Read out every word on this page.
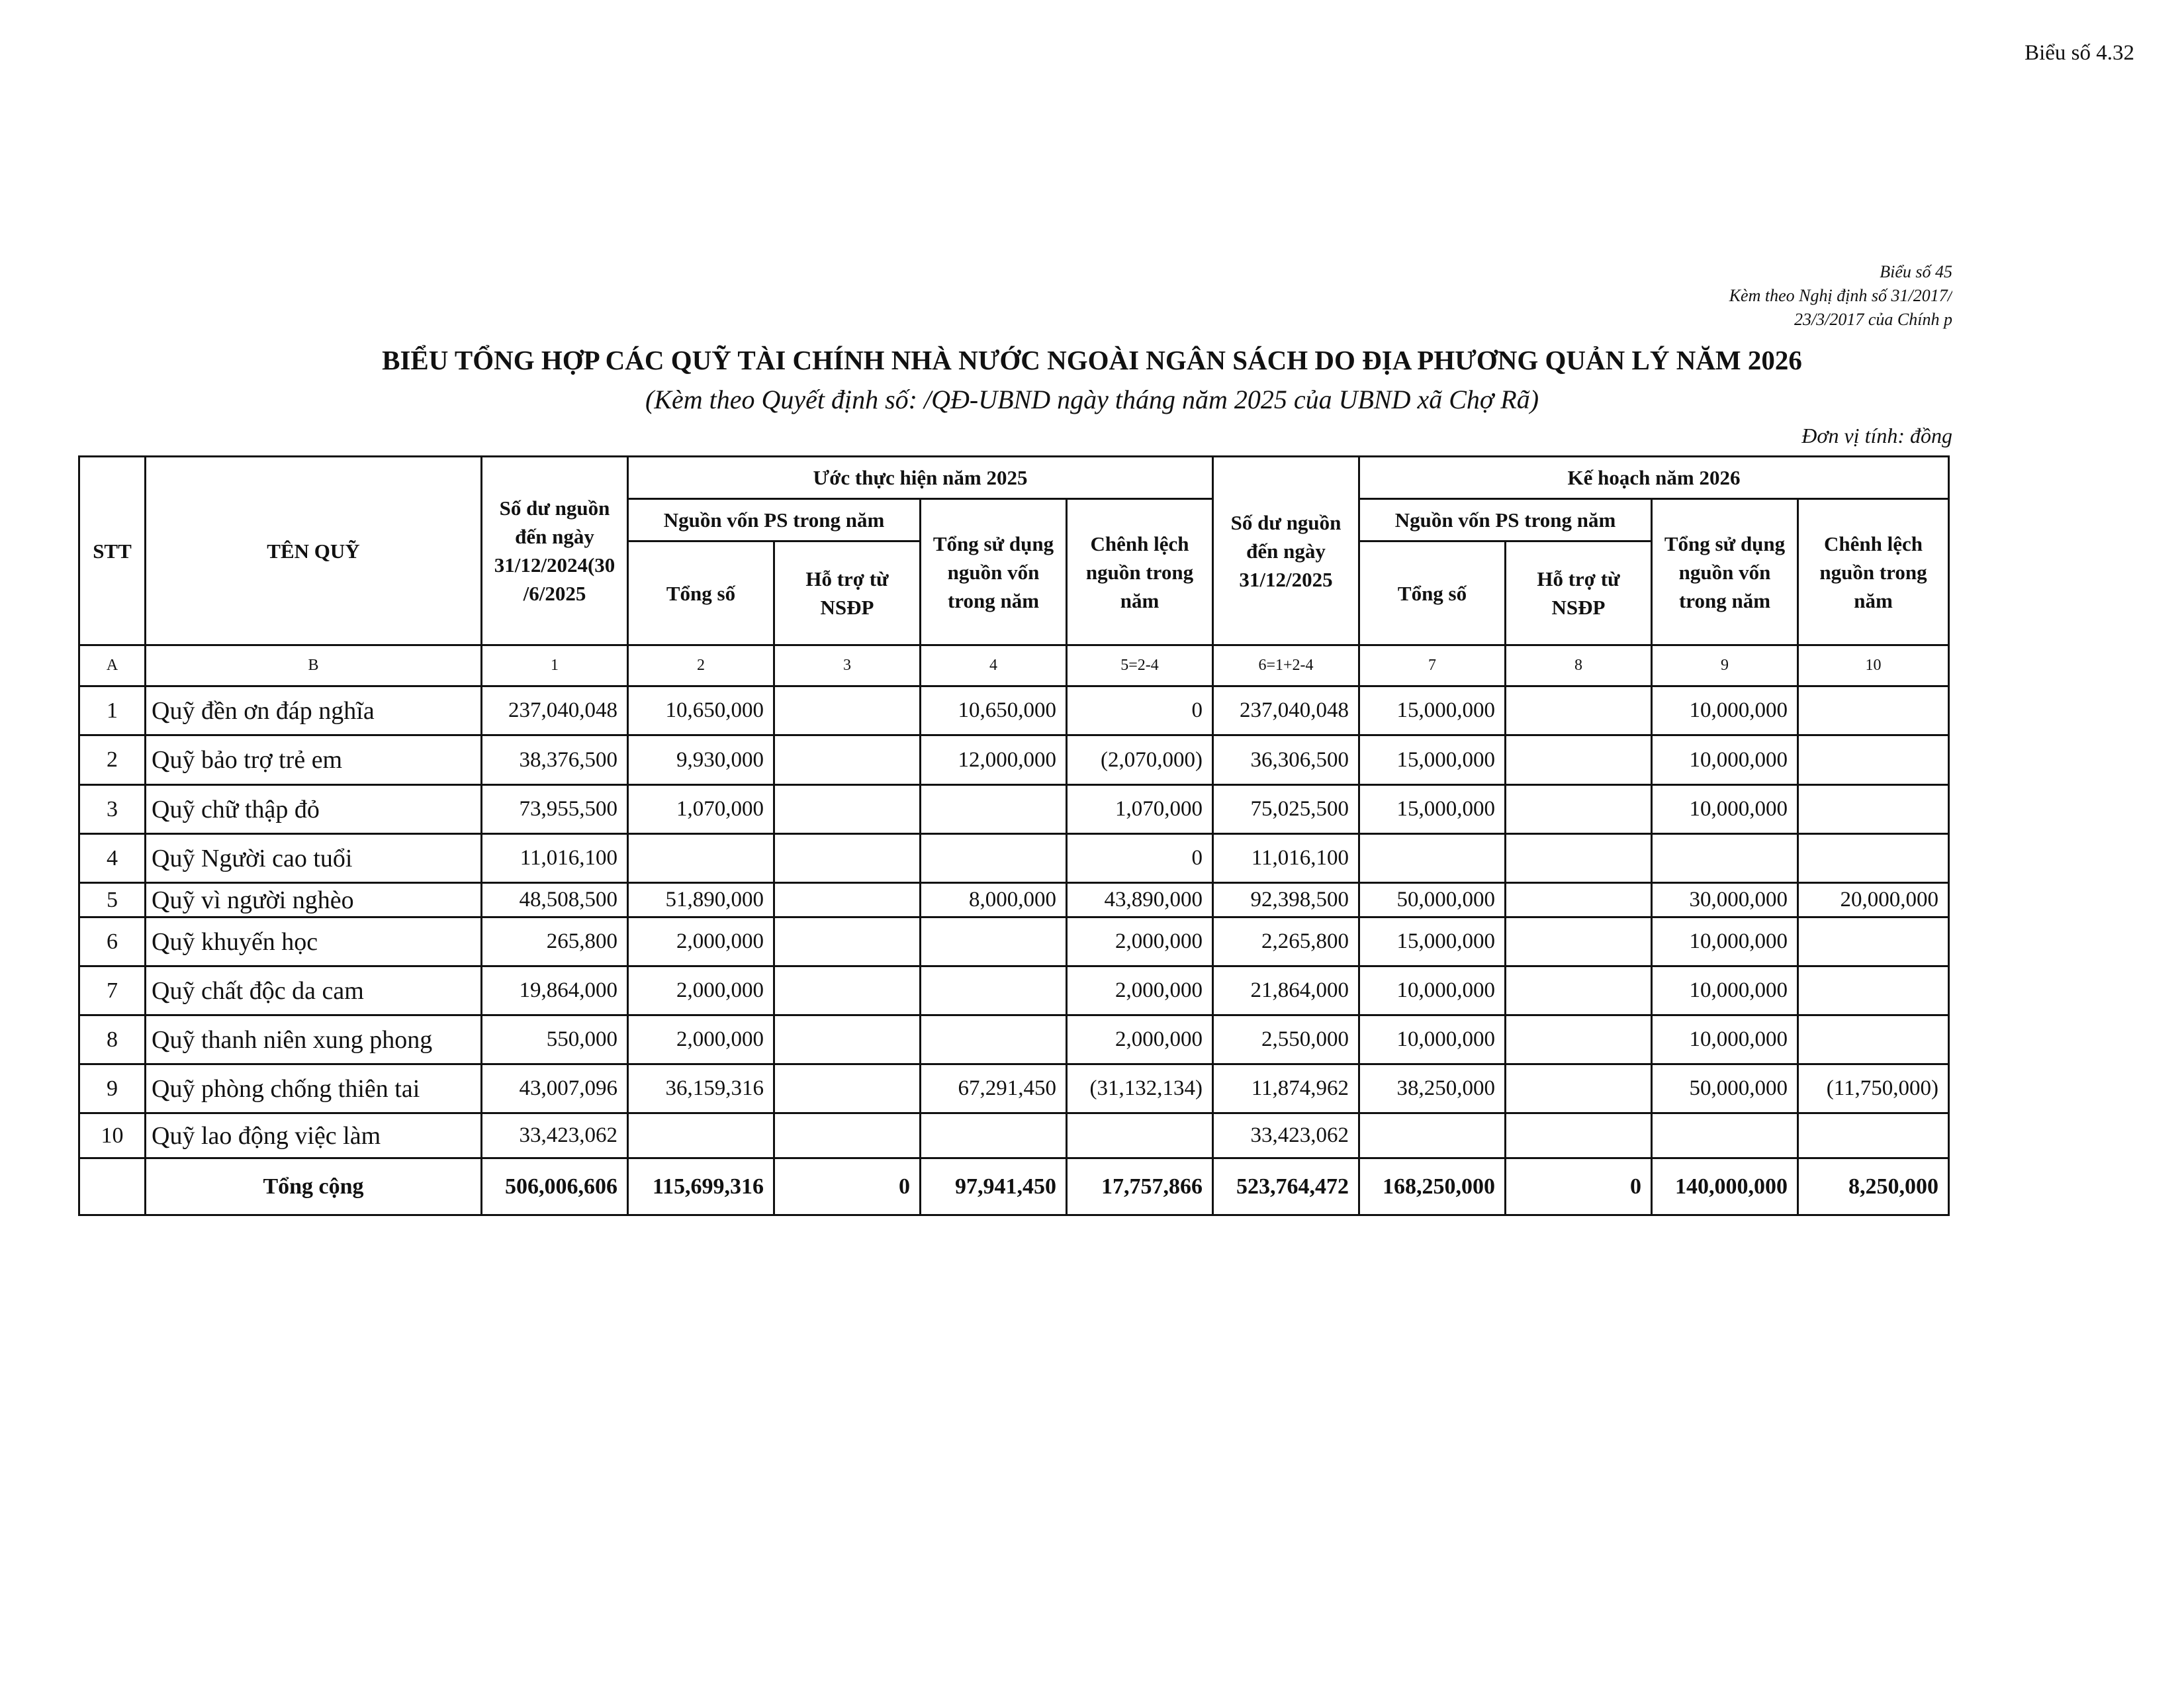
Biểu số 4.32
Biểu số 45
Kèm theo Nghị định số 31/2017/
23/3/2017 của Chính p
BIỂU TỔNG HỢP CÁC QUỸ TÀI CHÍNH NHÀ NƯỚC NGOÀI NGÂN SÁCH DO ĐỊA PHƯƠNG QUẢN LÝ NĂM 2026
(Kèm theo Quyết định số: /QĐ-UBND ngày tháng năm 2025 của UBND xã Chợ Rã)
Đơn vị tính: đồng
STT	TÊN QUỸ	Số dư nguồn đến ngày 31/12/2024(30 /6/2025	Ước thực hiện năm 2025				Số dư nguồn đến ngày 31/12/2025	Kế hoạch năm 2026			
			Nguồn vốn PS trong năm		Tổng sử dụng nguồn vốn trong năm	Chênh lệch nguồn trong năm		Nguồn vốn PS trong năm		Tổng sử dụng nguồn vốn trong năm	Chênh lệch nguồn trong năm
			Tổng số	Hỗ trợ từ NSĐP				Tổng số	Hỗ trợ từ NSĐP		
A	B	1	2	3	4	5=2-4	6=1+2-4	7	8	9	10
1	Quỹ đền ơn đáp nghĩa	237,040,048	10,650,000		10,650,000	0	237,040,048	15,000,000		10,000,000	
2	Quỹ bảo trợ trẻ em	38,376,500	9,930,000		12,000,000	(2,070,000)	36,306,500	15,000,000		10,000,000	
3	Quỹ chữ thập đỏ	73,955,500	1,070,000			1,070,000	75,025,500	15,000,000		10,000,000	
4	Quỹ Người cao tuổi	11,016,100				0	11,016,100				
5	Quỹ vì người nghèo	48,508,500	51,890,000		8,000,000	43,890,000	92,398,500	50,000,000		30,000,000	20,000,000
6	Quỹ khuyến học	265,800	2,000,000			2,000,000	2,265,800	15,000,000		10,000,000	
7	Quỹ chất độc da cam	19,864,000	2,000,000			2,000,000	21,864,000	10,000,000		10,000,000	
8	Quỹ thanh niên xung phong	550,000	2,000,000			2,000,000	2,550,000	10,000,000		10,000,000	
9	Quỹ phòng chống thiên tai	43,007,096	36,159,316		67,291,450	(31,132,134)	11,874,962	38,250,000		50,000,000	(11,750,000)
10	Quỹ lao động việc làm	33,423,062					33,423,062				
	Tổng cộng	506,006,606	115,699,316	0	97,941,450	17,757,866	523,764,472	168,250,000	0	140,000,000	8,250,000
